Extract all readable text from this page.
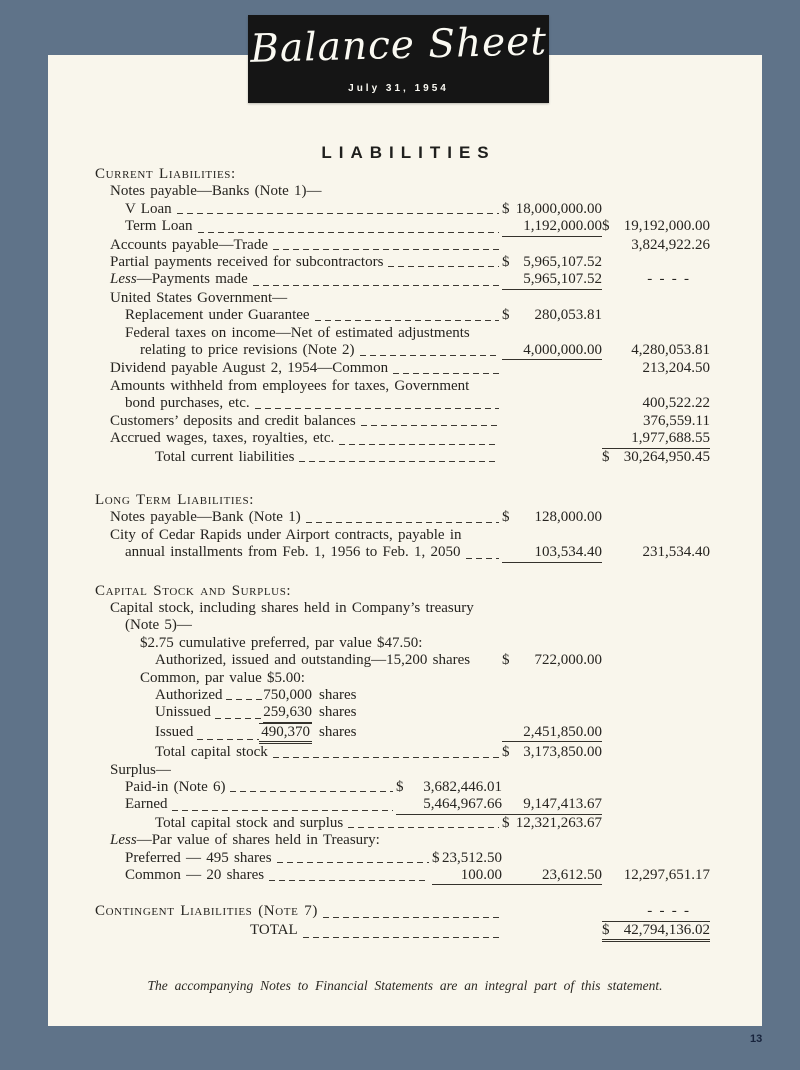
LIABILITIES
Current Liabilities:
Notes payable—Banks (Note 1)—
V Loan	$ 18,000,000.00
Term Loan	1,192,000.00 $ 19,192,000.00
Accounts payable—Trade	3,824,922.26
Partial payments received for subcontractors	$ 5,965,107.52
Less—Payments made	5,965,107.52	- - - -
United States Government—
Replacement under Guarantee	$ 280,053.81
Federal taxes on income—Net of estimated adjustments
relating to price revisions (Note 2)	4,000,000.00 4,280,053.81
Dividend payable August 2, 1954—Common	213,204.50
Amounts withheld from employees for taxes, Government
bond purchases, etc.	400,522.22
Customers’ deposits and credit balances	376,559.11
Accrued wages, taxes, royalties, etc.	1,977,688.55
Total current liabilities	$ 30,264,950.45
Long Term Liabilities:
Notes payable—Bank (Note 1)	$ 128,000.00
City of Cedar Rapids under Airport contracts, payable in
annual installments from Feb. 1, 1956 to Feb. 1, 2050	103,534.40	231,534.40
Capital Stock and Surplus:
Capital stock, including shares held in Company’s treasury
(Note 5)—
$2.75 cumulative preferred, par value $47.50:
Authorized, issued and outstanding—15,200 shares $ 722,000.00
Common, par value $5.00:
Authorized	750,000 shares
Unissued	259,630 shares
Issued	490,370 shares	2,451,850.00
Total capital stock	$ 3,173,850.00
Surplus—
Paid-in (Note 6)	$ 3,682,446.01
Earned	5,464,967.66 9,147,413.67
Total capital stock and surplus	$ 12,321,263.67
Less—Par value of shares held in Treasury:
Preferred — 495 shares	$ 23,512.50
Common — 20 shares	100.00	23,612.50 12,297,651.17
Contingent Liabilities (Note 7)	- - - -
TOTAL	$ 42,794,136.02
The accompanying Notes to Financial Statements are an integral part of this statement.
Balance Sheet
July 31, 1954
13
